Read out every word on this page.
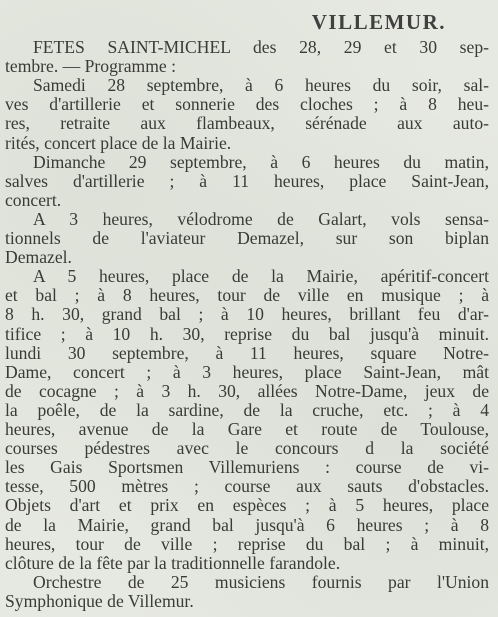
VILLEMUR.
FETES SAINT-MICHEL des 28, 29 et 30 sep-
tembre. — Programme :
Samedi 28 septembre, à 6 heures du soir, sal-
ves d'artillerie et sonnerie des cloches ; à 8 heu-
res, retraite aux flambeaux, sérénade aux auto-
rités, concert place de la Mairie.
Dimanche 29 septembre, à 6 heures du matin,
salves d'artillerie ; à 11 heures, place Saint-Jean,
concert.
A 3 heures, vélodrome de Galart, vols sensa-
tionnels de l'aviateur Demazel, sur son biplan
Demazel.
A 5 heures, place de la Mairie, apéritif-concert
et bal ; à 8 heures, tour de ville en musique ; à
8 h. 30, grand bal ; à 10 heures, brillant feu d'ar-
tifice ; à 10 h. 30, reprise du bal jusqu'à minuit.
lundi 30 septembre, à 11 heures, square Notre-
Dame, concert ; à 3 heures, place Saint-Jean, mât
de cocagne ; à 3 h. 30, allées Notre-Dame, jeux de
la poêle, de la sardine, de la cruche, etc. ; à 4
heures, avenue de la Gare et route de Toulouse,
courses pédestres avec le concours d la société
les Gais Sportsmen Villemuriens : course de vi-
tesse, 500 mètres ; course aux sauts d'obstacles.
Objets d'art et prix en espèces ; à 5 heures, place
de la Mairie, grand bal jusqu'à 6 heures ; à 8
heures, tour de ville ; reprise du bal ; à minuit,
clôture de la fête par la traditionnelle farandole.
Orchestre de 25 musiciens fournis par l'Union
Symphonique de Villemur.
